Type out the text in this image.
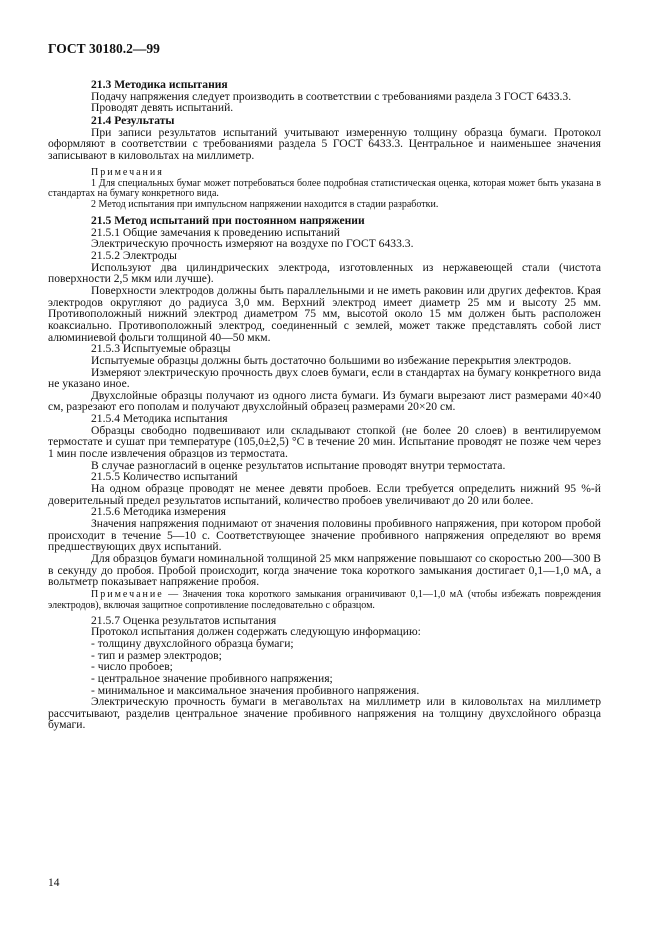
ГОСТ 30180.2—99

21.3 Методика испытания

Подачу напряжения следует производить в соответствии с требованиями раздела 3 ГОСТ 6433.3.

Проводят девять испытаний.

21.4 Результаты

При записи результатов испытаний учитывают измеренную толщину образца бумаги. Протокол оформляют в соответствии с требованиями раздела 5 ГОСТ 6433.3. Центральное и наименьшее значения записывают в киловольтах на миллиметр.

Примечания

1 Для специальных бумаг может потребоваться более подробная статистическая оценка, которая может быть указана в стандартах на бумагу конкретного вида.

2 Метод испытания при импульсном напряжении находится в стадии разработки.

21.5 Метод испытаний при постоянном напряжении

21.5.1 Общие замечания к проведению испытаний

Электрическую прочность измеряют на воздухе по ГОСТ 6433.3.

21.5.2 Электроды

Используют два цилиндрических электрода, изготовленных из нержавеющей стали (чистота поверхности 2,5 мкм или лучше).

Поверхности электродов должны быть параллельными и не иметь раковин или других дефектов. Края электродов округляют до радиуса 3,0 мм. Верхний электрод имеет диаметр 25 мм и высоту 25 мм. Противоположный нижний электрод диаметром 75 мм, высотой около 15 мм должен быть расположен коаксиально. Противоположный электрод, соединенный с землей, может также представлять собой лист алюминиевой фольги толщиной 40—50 мкм.

21.5.3 Испытуемые образцы

Испытуемые образцы должны быть достаточно большими во избежание перекрытия электродов.

Измеряют электрическую прочность двух слоев бумаги, если в стандартах на бумагу конкретного вида не указано иное.

Двухслойные образцы получают из одного листа бумаги. Из бумаги вырезают лист размерами 40×40 см, разрезают его пополам и получают двухслойный образец размерами 20×20 см.

21.5.4 Методика испытания

Образцы свободно подвешивают или складывают стопкой (не более 20 слоев) в вентилируемом термостате и сушат при температуре (105,0±2,5) °С в течение 20 мин. Испытание проводят не позже чем через 1 мин после извлечения образцов из термостата.

В случае разногласий в оценке результатов испытание проводят внутри термостата.

21.5.5 Количество испытаний

На одном образце проводят не менее девяти пробоев. Если требуется определить нижний 95 %-й доверительный предел результатов испытаний, количество пробоев увеличивают до 20 или более.

21.5.6 Методика измерения

Значения напряжения поднимают от значения половины пробивного напряжения, при котором пробой происходит в течение 5—10 с. Соответствующее значение пробивного напряжения определяют во время предшествующих двух испытаний.

Для образцов бумаги номинальной толщиной 25 мкм напряжение повышают со скоростью 200—300 В в секунду до пробоя. Пробой происходит, когда значение тока короткого замыкания достигает 0,1—1,0 мА, а вольтметр показывает напряжение пробоя.

Примечание — Значения тока короткого замыкания ограничивают 0,1—1,0 мА (чтобы избежать повреждения электродов), включая защитное сопротивление последовательно с образцом.

21.5.7 Оценка результатов испытания

Протокол испытания должен содержать следующую информацию:

- толщину двухслойного образца бумаги;

- тип и размер электродов;

- число пробоев;

- центральное значение пробивного напряжения;

- минимальное и максимальное значения пробивного напряжения.

Электрическую прочность бумаги в мегавольтах на миллиметр или в киловольтах на миллиметр рассчитывают, разделив центральное значение пробивного напряжения на толщину двухслойного образца бумаги.

14
